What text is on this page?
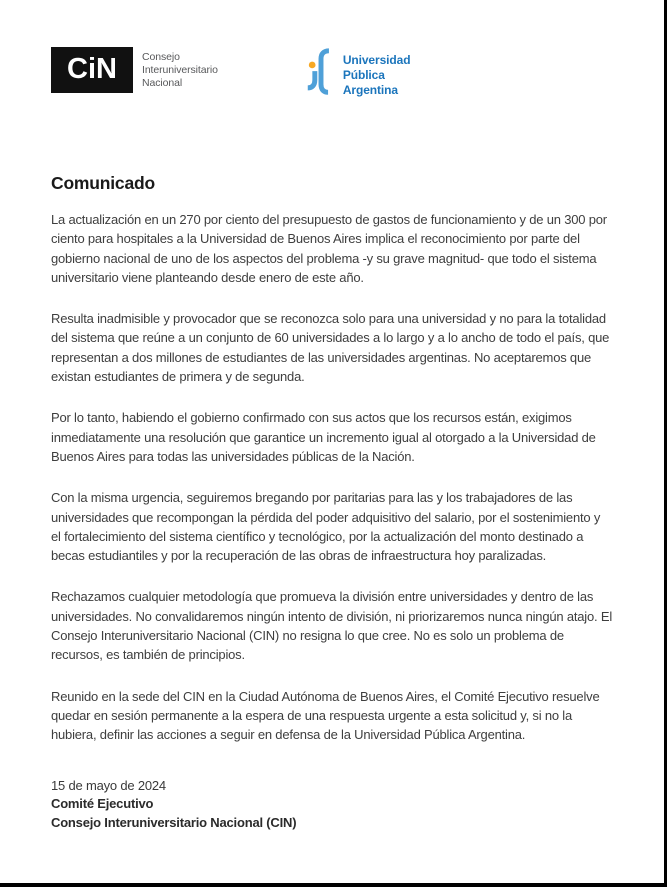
CiN Consejo
Interuniversitario
Nacional
Universidad
Pública
Argentina
Comunicado

La actualización en un 270 por ciento del presupuesto de gastos de funcionamiento y de un 300 por ciento para hospitales a la Universidad de Buenos Aires implica el reconocimiento por parte del gobierno nacional de uno de los aspectos del problema -y su grave magnitud- que todo el sistema universitario viene planteando desde enero de este año.

Resulta inadmisible y provocador que se reconozca solo para una universidad y no para la totalidad del sistema que reúne a un conjunto de 60 universidades a lo largo y a lo ancho de todo el país, que representan a dos millones de estudiantes de las universidades argentinas. No aceptaremos que existan estudiantes de primera y de segunda.

Por lo tanto, habiendo el gobierno confirmado con sus actos que los recursos están, exigimos inmediatamente una resolución que garantice un incremento igual al otorgado a la Universidad de Buenos Aires para todas las universidades públicas de la Nación.

Con la misma urgencia, seguiremos bregando por paritarias para las y los trabajadores de las universidades que recompongan la pérdida del poder adquisitivo del salario, por el sostenimiento y el fortalecimiento del sistema científico y tecnológico, por la actualización del monto destinado a becas estudiantiles y por la recuperación de las obras de infraestructura hoy paralizadas.

Rechazamos cualquier metodología que promueva la división entre universidades y dentro de las universidades. No convalidaremos ningún intento de división, ni priorizaremos nunca ningún atajo. El Consejo Interuniversitario Nacional (CIN) no resigna lo que cree. No es solo un problema de recursos, es también de principios.

Reunido en la sede del CIN en la Ciudad Autónoma de Buenos Aires, el Comité Ejecutivo resuelve quedar en sesión permanente a la espera de una respuesta urgente a esta solicitud y, si no la hubiera, definir las acciones a seguir en defensa de la Universidad Pública Argentina.

15 de mayo de 2024
Comité Ejecutivo
Consejo Interuniversitario Nacional (CIN)
